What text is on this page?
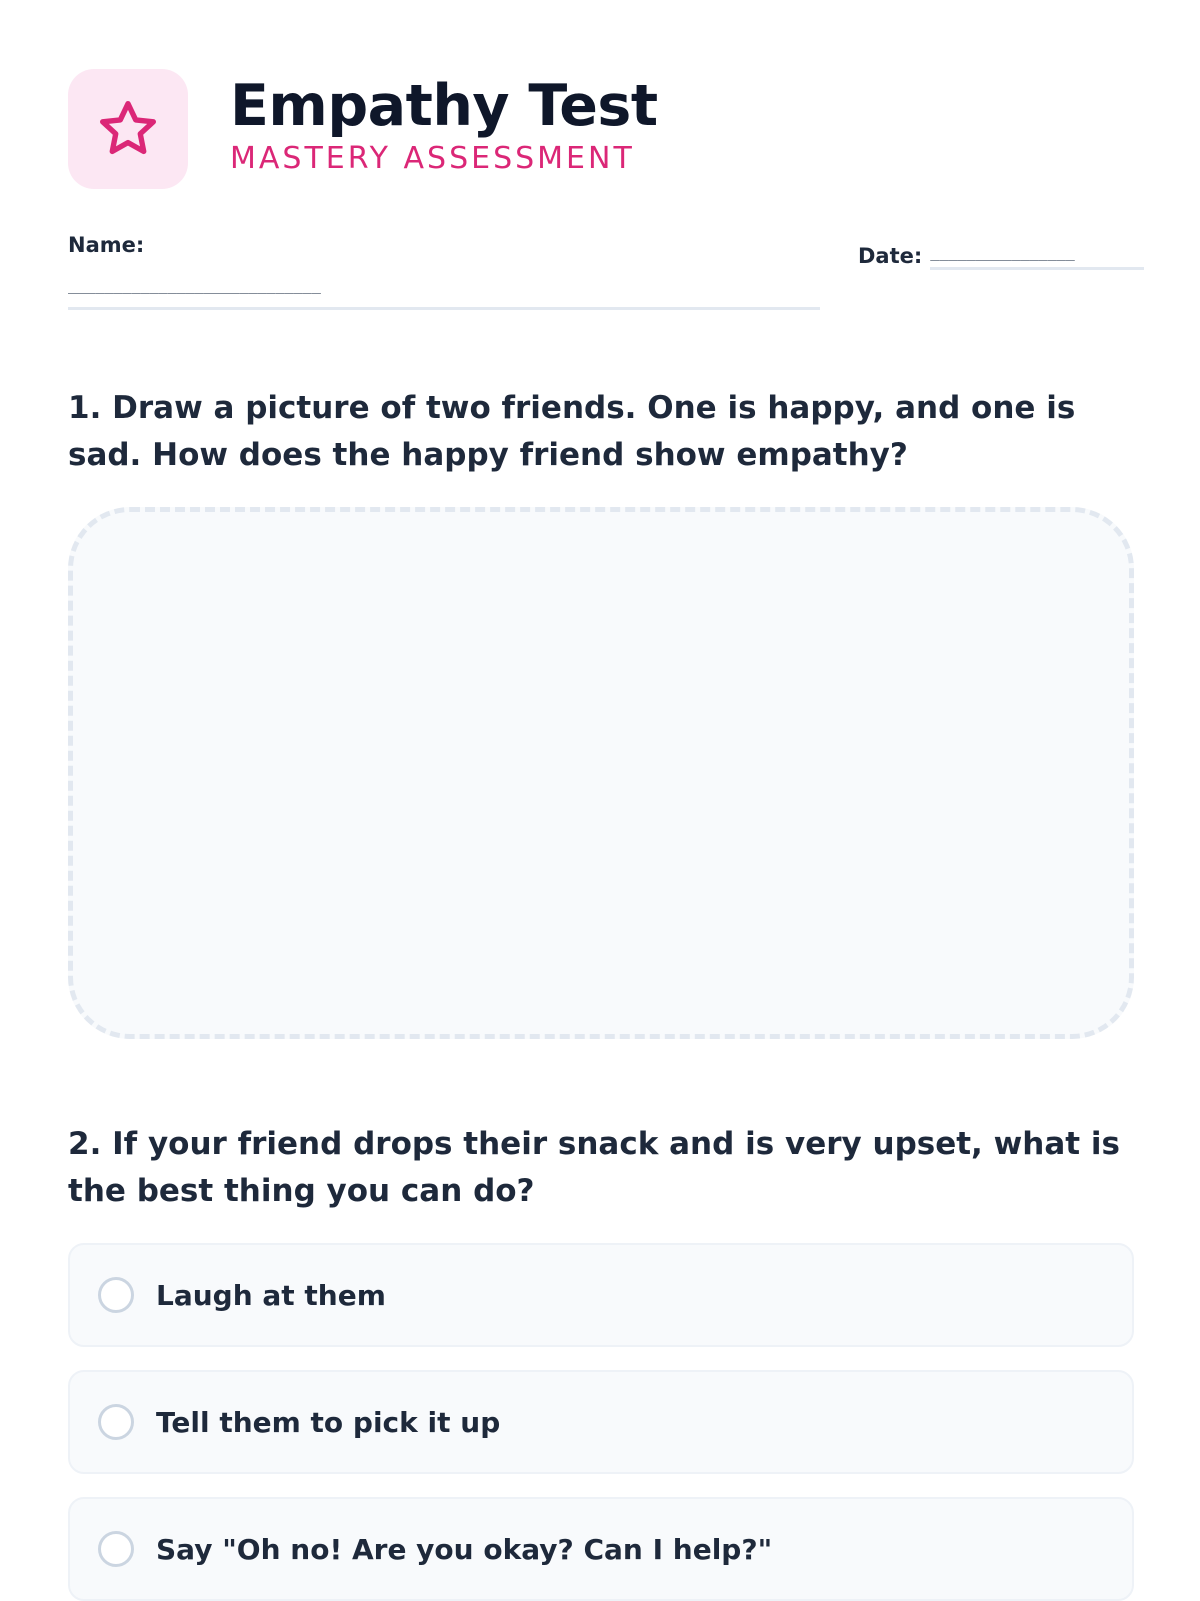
Empathy Test
MASTERY ASSESSMENT
Name:
____________________________
Date: ________________
1. Draw a picture of two friends. One is happy, and one is sad. How does the happy friend show empathy?
2. If your friend drops their snack and is very upset, what is the best thing you can do?
Laugh at them
Tell them to pick it up
Say "Oh no! Are you okay? Can I help?"
